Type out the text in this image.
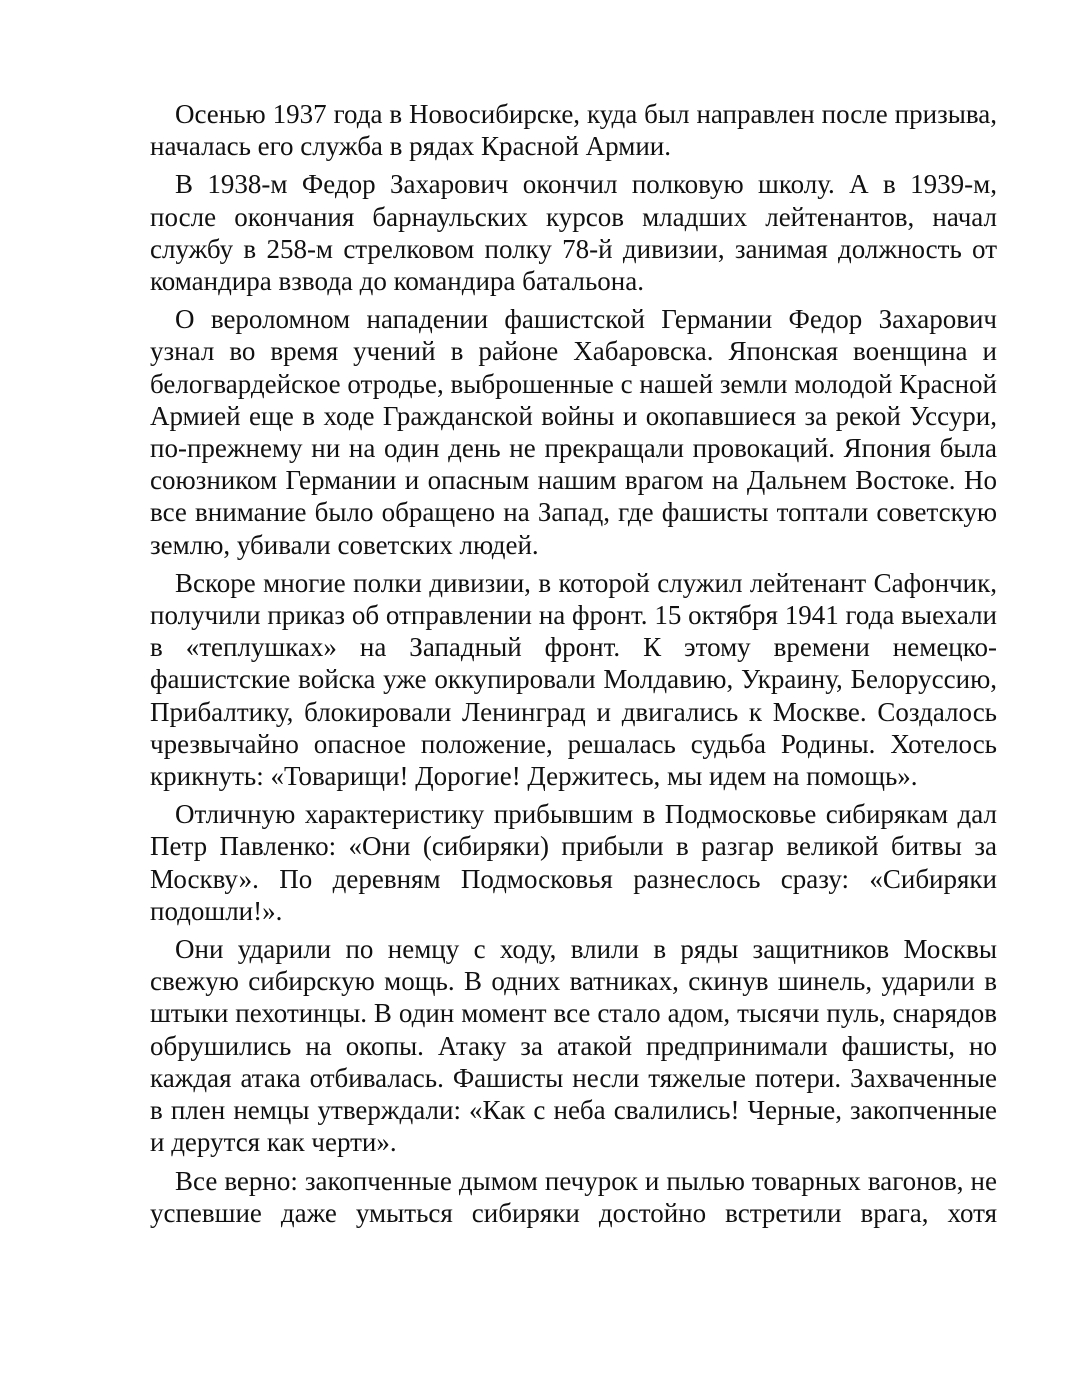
Осенью 1937 года в Новосибирске, куда был направлен после призыва, началась его служба в рядах Красной Армии.

В 1938-м Федор Захарович окончил полковую школу. А в 1939-м, после окончания барнаульских курсов младших лейтенантов, начал службу в 258-м стрелковом полку 78-й дивизии, занимая должность от командира взвода до командира батальона.

О вероломном нападении фашистской Германии Федор Захарович узнал во время учений в районе Хабаровска. Японская военщина и белогвардейское отродье, выброшенные с нашей земли молодой Красной Армией еще в ходе Гражданской войны и окопавшиеся за рекой Уссури, по-прежнему ни на один день не прекращали провокаций. Япония была союзником Германии и опасным нашим врагом на Дальнем Востоке. Но все внимание было обращено на Запад, где фашисты топтали советскую землю, убивали советских людей.

Вскоре многие полки дивизии, в которой служил лейтенант Сафончик, получили приказ об отправлении на фронт. 15 октября 1941 года выехали в «теплушках» на Западный фронт. К этому времени немецко-фашистские войска уже оккупировали Молдавию, Украину, Белоруссию, Прибалтику, блокировали Ленинград и двигались к Москве. Создалось чрезвычайно опасное положение, решалась судьба Родины. Хотелось крикнуть: «Товарищи! Дорогие! Держитесь, мы идем на помощь».

Отличную характеристику прибывшим в Подмосковье сибирякам дал Петр Павленко: «Они (сибиряки) прибыли в разгар великой битвы за Москву». По деревням Подмосковья разнеслось сразу: «Сибиряки подошли!».

Они ударили по немцу с ходу, влили в ряды защитников Москвы свежую сибирскую мощь. В одних ватниках, скинув шинель, ударили в штыки пехотинцы. В один момент все стало адом, тысячи пуль, снарядов обрушились на окопы. Атаку за атакой предпринимали фашисты, но каждая атака отбивалась. Фашисты несли тяжелые потери. Захваченные в плен немцы утверждали: «Как с неба свалились! Черные, закопченные и дерутся как черти».

Все верно: закопченные дымом печурок и пылью товарных вагонов, не успевшие даже умыться сибиряки достойно встретили врага, хотя
